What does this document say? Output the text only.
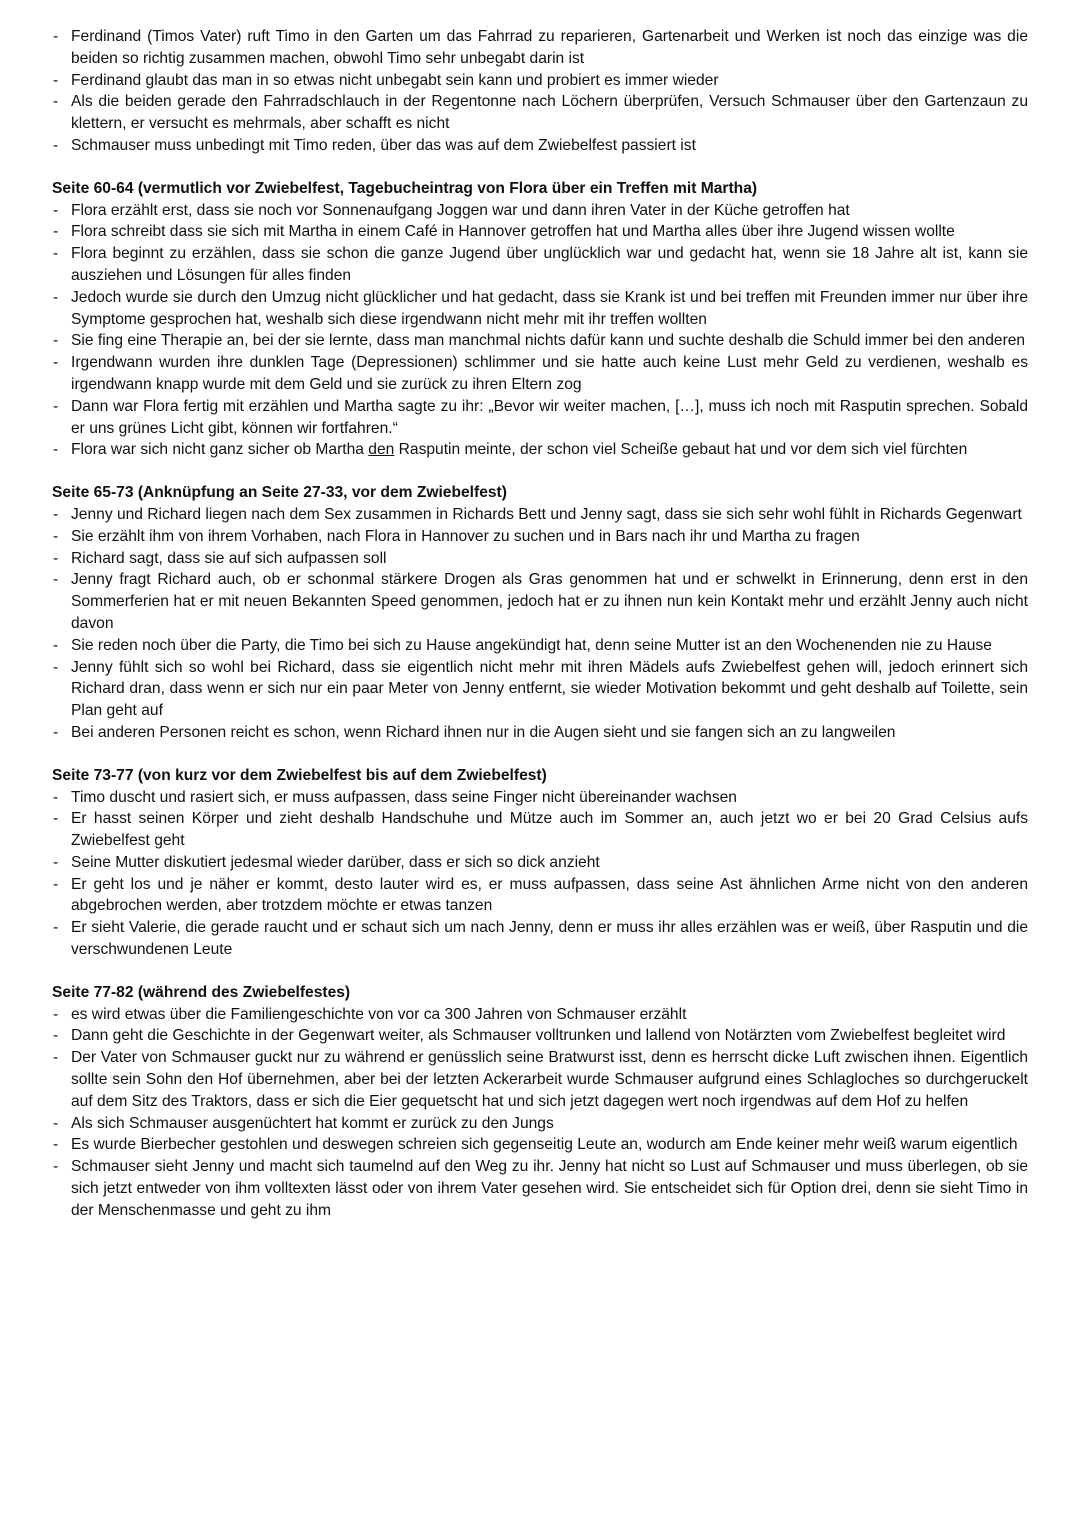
- Ferdinand (Timos Vater) ruft Timo in den Garten um das Fahrrad zu reparieren, Gartenarbeit und Werken ist noch das einzige was die beiden so richtig zusammen machen, obwohl Timo sehr unbegabt darin ist
- Ferdinand glaubt das man in so etwas nicht unbegabt sein kann und probiert es immer wieder
- Als die beiden gerade den Fahrradschlauch in der Regentonne nach Löchern überprüfen, Versuch Schmauser über den Gartenzaun zu klettern, er versucht es mehrmals, aber schafft es nicht
- Schmauser muss unbedingt mit Timo reden, über das was auf dem Zwiebelfest passiert ist

Seite 60-64 (vermutlich vor Zwiebelfest, Tagebucheintrag von Flora über ein Treffen mit Martha)

- Flora erzählt erst, dass sie noch vor Sonnenaufgang Joggen war und dann ihren Vater in der Küche getroffen hat
- Flora schreibt dass sie sich mit Martha in einem Café in Hannover getroffen hat und Martha alles über ihre Jugend wissen wollte
- Flora beginnt zu erzählen, dass sie schon die ganze Jugend über unglücklich war und gedacht hat, wenn sie 18 Jahre alt ist, kann sie ausziehen und Lösungen für alles finden
- Jedoch wurde sie durch den Umzug nicht glücklicher und hat gedacht, dass sie Krank ist und bei treffen mit Freunden immer nur über ihre Symptome gesprochen hat, weshalb sich diese irgendwann nicht mehr mit ihr treffen wollten
- Sie fing eine Therapie an, bei der sie lernte, dass man manchmal nichts dafür kann und suchte deshalb die Schuld immer bei den anderen
- Irgendwann wurden ihre dunklen Tage (Depressionen) schlimmer und sie hatte auch keine Lust mehr Geld zu verdienen, weshalb es irgendwann knapp wurde mit dem Geld und sie zurück zu ihren Eltern zog
- Dann war Flora fertig mit erzählen und Martha sagte zu ihr: „Bevor wir weiter machen, […], muss ich noch mit Rasputin sprechen. Sobald er uns grünes Licht gibt, können wir fortfahren.“
- Flora war sich nicht ganz sicher ob Martha den Rasputin meinte, der schon viel Scheiße gebaut hat und vor dem sich viel fürchten

Seite 65-73 (Anknüpfung an Seite 27-33, vor dem Zwiebelfest)

- Jenny und Richard liegen nach dem Sex zusammen in Richards Bett und Jenny sagt, dass sie sich sehr wohl fühlt in Richards Gegenwart
- Sie erzählt ihm von ihrem Vorhaben, nach Flora in Hannover zu suchen und in Bars nach ihr und Martha zu fragen
- Richard sagt, dass sie auf sich aufpassen soll
- Jenny fragt Richard auch, ob er schonmal stärkere Drogen als Gras genommen hat und er schwelkt in Erinnerung, denn erst in den Sommerferien hat er mit neuen Bekannten Speed genommen, jedoch hat er zu ihnen nun kein Kontakt mehr und erzählt Jenny auch nicht davon
- Sie reden noch über die Party, die Timo bei sich zu Hause angekündigt hat, denn seine Mutter ist an den Wochenenden nie zu Hause
- Jenny fühlt sich so wohl bei Richard, dass sie eigentlich nicht mehr mit ihren Mädels aufs Zwiebelfest gehen will, jedoch erinnert sich Richard dran, dass wenn er sich nur ein paar Meter von Jenny entfernt, sie wieder Motivation bekommt und geht deshalb auf Toilette, sein Plan geht auf
- Bei anderen Personen reicht es schon, wenn Richard ihnen nur in die Augen sieht und sie fangen sich an zu langweilen

Seite 73-77 (von kurz vor dem Zwiebelfest bis auf dem Zwiebelfest)

- Timo duscht und rasiert sich, er muss aufpassen, dass seine Finger nicht übereinander wachsen
- Er hasst seinen Körper und zieht deshalb Handschuhe und Mütze auch im Sommer an, auch jetzt wo er bei 20 Grad Celsius aufs Zwiebelfest geht
- Seine Mutter diskutiert jedesmal wieder darüber, dass er sich so dick anzieht
- Er geht los und je näher er kommt, desto lauter wird es, er muss aufpassen, dass seine Ast ähnlichen Arme nicht von den anderen abgebrochen werden, aber trotzdem möchte er etwas tanzen
- Er sieht Valerie, die gerade raucht und er schaut sich um nach Jenny, denn er muss ihr alles erzählen was er weiß, über Rasputin und die verschwundenen Leute

Seite 77-82 (während des Zwiebelfestes)

- es wird etwas über die Familiengeschichte von vor ca 300 Jahren von Schmauser erzählt
- Dann geht die Geschichte in der Gegenwart weiter, als Schmauser volltrunken und lallend von Notärzten vom Zwiebelfest begleitet wird
- Der Vater von Schmauser guckt nur zu während er genüsslich seine Bratwurst isst, denn es herrscht dicke Luft zwischen ihnen. Eigentlich sollte sein Sohn den Hof übernehmen, aber bei der letzten Ackerarbeit wurde Schmauser aufgrund eines Schlagloches so durchgeruckelt auf dem Sitz des Traktors, dass er sich die Eier gequetscht hat und sich jetzt dagegen wert noch irgendwas auf dem Hof zu helfen
- Als sich Schmauser ausgenüchtert hat kommt er zurück zu den Jungs
- Es wurde Bierbecher gestohlen und deswegen schreien sich gegenseitig Leute an, wodurch am Ende keiner mehr weiß warum eigentlich
- Schmauser sieht Jenny und macht sich taumelnd auf den Weg zu ihr. Jenny hat nicht so Lust auf Schmauser und muss überlegen, ob sie sich jetzt entweder von ihm volltexten lässt oder von ihrem Vater gesehen wird. Sie entscheidet sich für Option drei, denn sie sieht Timo in der Menschenmasse und geht zu ihm
